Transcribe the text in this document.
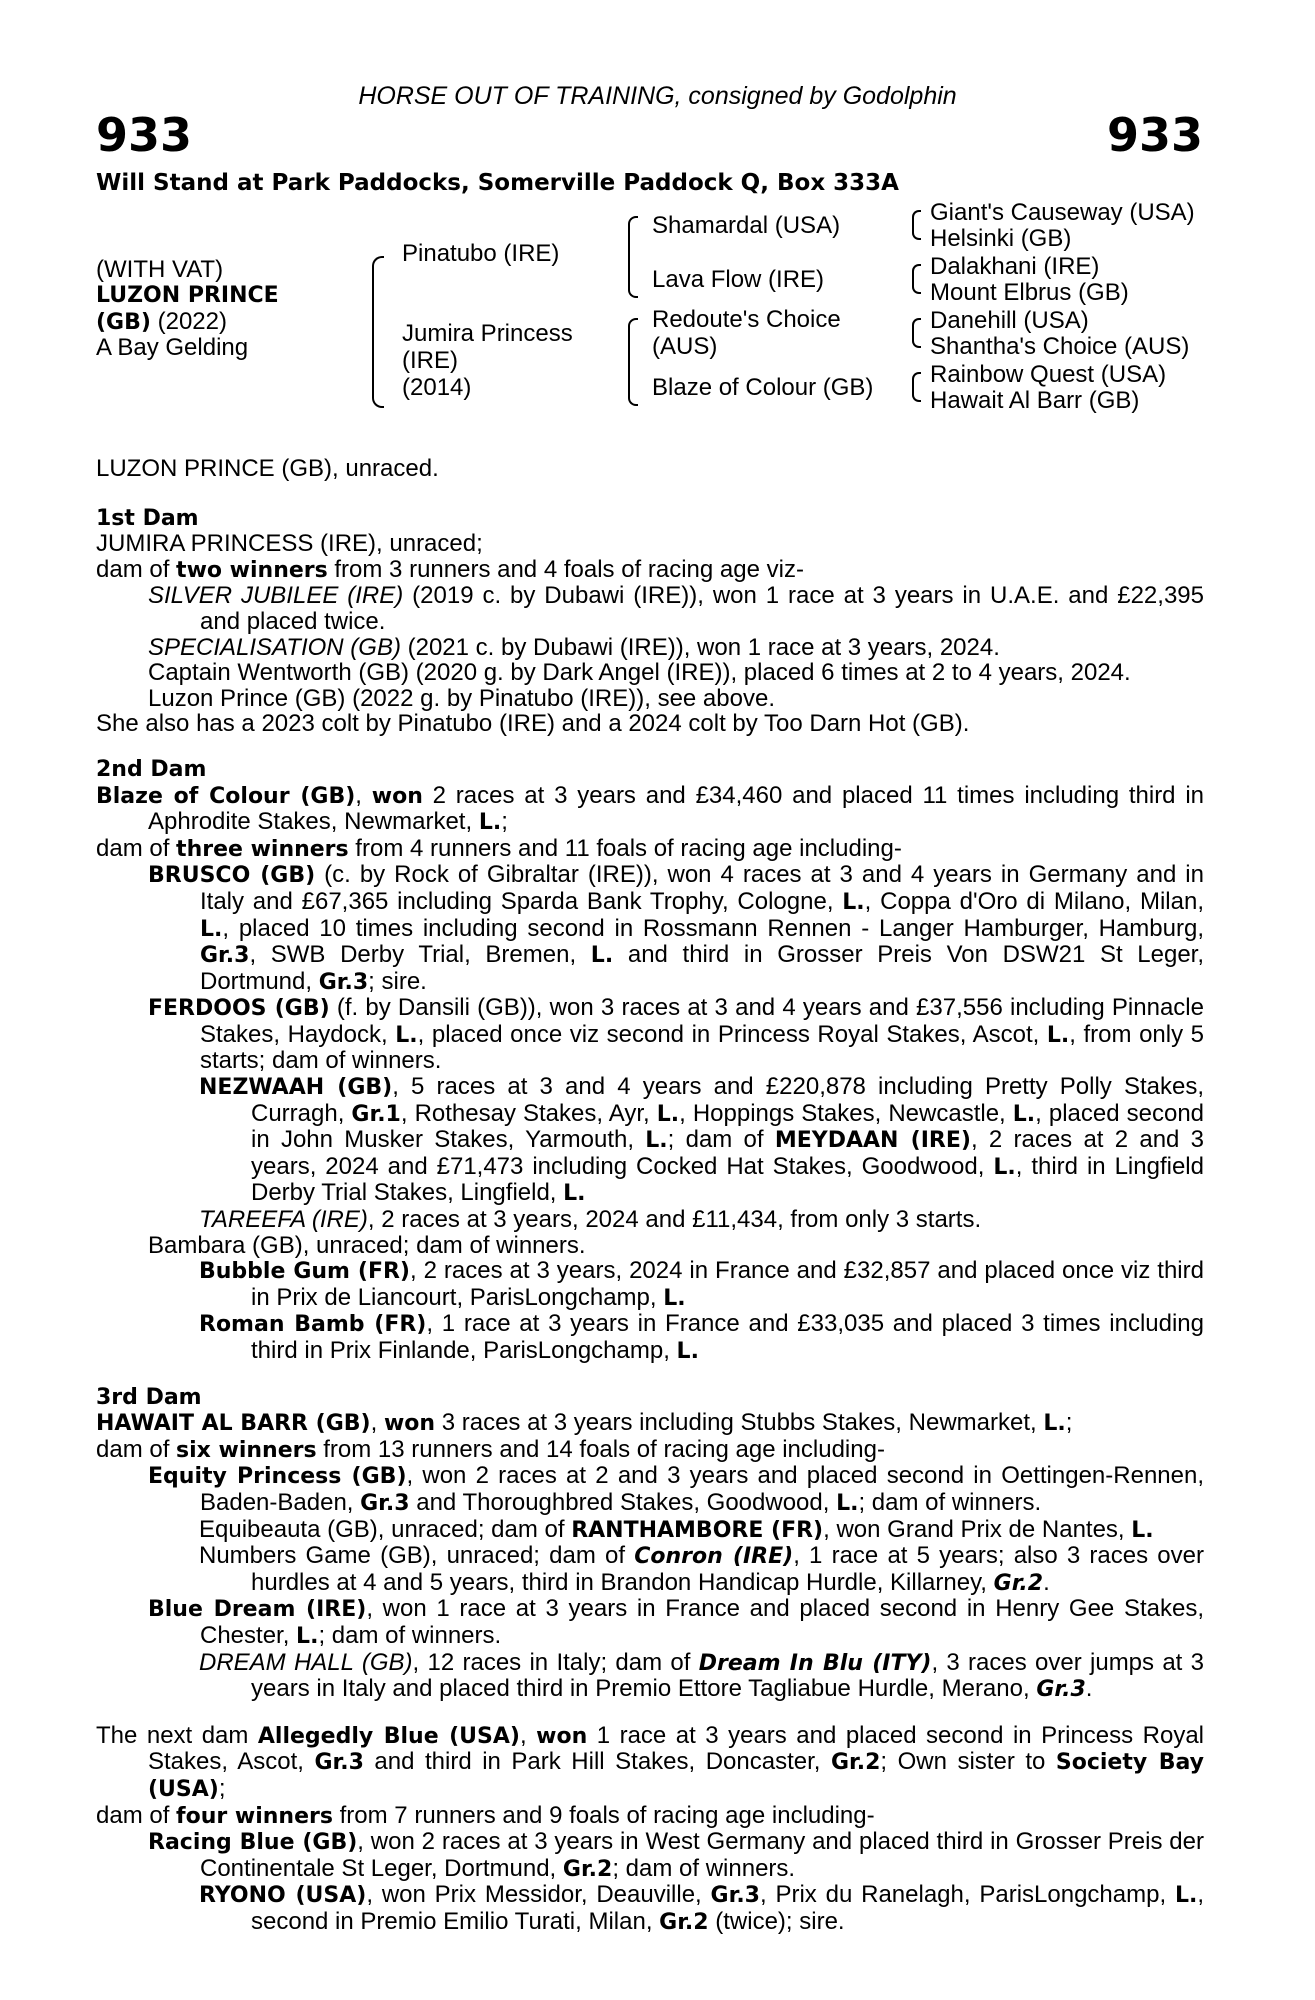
HORSE OUT OF TRAINING, consigned by Godolphin
933	933
Will Stand at Park Paddocks, Somerville Paddock Q, Box 333A
(WITH VAT)
LUZON PRINCE
(GB) (2022)
A Bay Gelding
Pinatubo (IRE)
Jumira Princess
(IRE)
(2014)
Shamardal (USA)
Lava Flow (IRE)
Redoute's Choice
(AUS)
Blaze of Colour (GB)
Giant's Causeway (USA)
Helsinki (GB)
Dalakhani (IRE)
Mount Elbrus (GB)
Danehill (USA)
Shantha's Choice (AUS)
Rainbow Quest (USA)
Hawait Al Barr (GB)
LUZON PRINCE (GB), unraced.
1st Dam
JUMIRA PRINCESS (IRE), unraced;
dam of two winners from 3 runners and 4 foals of racing age viz-
SILVER JUBILEE (IRE) (2019 c. by Dubawi (IRE)), won 1 race at 3 years in U.A.E. and £22,395 and placed twice.
SPECIALISATION (GB) (2021 c. by Dubawi (IRE)), won 1 race at 3 years, 2024.
Captain Wentworth (GB) (2020 g. by Dark Angel (IRE)), placed 6 times at 2 to 4 years, 2024.
Luzon Prince (GB) (2022 g. by Pinatubo (IRE)), see above.
She also has a 2023 colt by Pinatubo (IRE) and a 2024 colt by Too Darn Hot (GB).
2nd Dam
Blaze of Colour (GB), won 2 races at 3 years and £34,460 and placed 11 times including third in Aphrodite Stakes, Newmarket, L.;
dam of three winners from 4 runners and 11 foals of racing age including-
BRUSCO (GB) (c. by Rock of Gibraltar (IRE)), won 4 races at 3 and 4 years in Germany and in Italy and £67,365 including Sparda Bank Trophy, Cologne, L., Coppa d'Oro di Milano, Milan, L., placed 10 times including second in Rossmann Rennen - Langer Hamburger, Hamburg, Gr.3, SWB Derby Trial, Bremen, L. and third in Grosser Preis Von DSW21 St Leger, Dortmund, Gr.3; sire.
FERDOOS (GB) (f. by Dansili (GB)), won 3 races at 3 and 4 years and £37,556 including Pinnacle Stakes, Haydock, L., placed once viz second in Princess Royal Stakes, Ascot, L., from only 5 starts; dam of winners.
NEZWAAH (GB), 5 races at 3 and 4 years and £220,878 including Pretty Polly Stakes, Curragh, Gr.1, Rothesay Stakes, Ayr, L., Hoppings Stakes, Newcastle, L., placed second in John Musker Stakes, Yarmouth, L.; dam of MEYDAAN (IRE), 2 races at 2 and 3 years, 2024 and £71,473 including Cocked Hat Stakes, Goodwood, L., third in Lingfield Derby Trial Stakes, Lingfield, L.
TAREEFA (IRE), 2 races at 3 years, 2024 and £11,434, from only 3 starts.
Bambara (GB), unraced; dam of winners.
Bubble Gum (FR), 2 races at 3 years, 2024 in France and £32,857 and placed once viz third in Prix de Liancourt, ParisLongchamp, L.
Roman Bamb (FR), 1 race at 3 years in France and £33,035 and placed 3 times including third in Prix Finlande, ParisLongchamp, L.
3rd Dam
HAWAIT AL BARR (GB), won 3 races at 3 years including Stubbs Stakes, Newmarket, L.;
dam of six winners from 13 runners and 14 foals of racing age including-
Equity Princess (GB), won 2 races at 2 and 3 years and placed second in Oettingen-Rennen, Baden-Baden, Gr.3 and Thoroughbred Stakes, Goodwood, L.; dam of winners.
Equibeauta (GB), unraced; dam of RANTHAMBORE (FR), won Grand Prix de Nantes, L.
Numbers Game (GB), unraced; dam of Conron (IRE), 1 race at 5 years; also 3 races over hurdles at 4 and 5 years, third in Brandon Handicap Hurdle, Killarney, Gr.2.
Blue Dream (IRE), won 1 race at 3 years in France and placed second in Henry Gee Stakes, Chester, L.; dam of winners.
DREAM HALL (GB), 12 races in Italy; dam of Dream In Blu (ITY), 3 races over jumps at 3 years in Italy and placed third in Premio Ettore Tagliabue Hurdle, Merano, Gr.3.
The next dam Allegedly Blue (USA), won 1 race at 3 years and placed second in Princess Royal Stakes, Ascot, Gr.3 and third in Park Hill Stakes, Doncaster, Gr.2; Own sister to Society Bay (USA);
dam of four winners from 7 runners and 9 foals of racing age including-
Racing Blue (GB), won 2 races at 3 years in West Germany and placed third in Grosser Preis der Continentale St Leger, Dortmund, Gr.2; dam of winners.
RYONO (USA), won Prix Messidor, Deauville, Gr.3, Prix du Ranelagh, ParisLongchamp, L., second in Premio Emilio Turati, Milan, Gr.2 (twice); sire.
